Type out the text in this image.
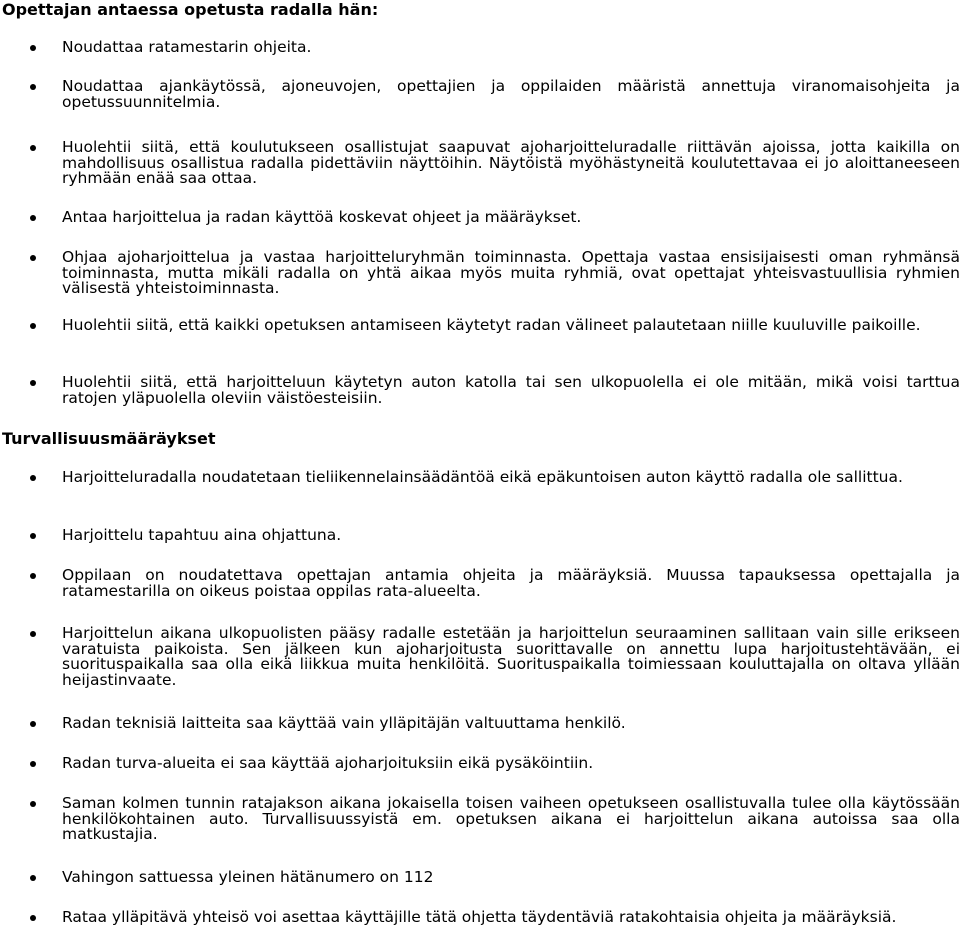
Opettajan antaessa opetusta radalla hän:

Noudattaa ratamestarin ohjeita.

Noudattaa ajankäytössä, ajoneuvojen, opettajien ja oppilaiden määristä annettuja viranomaisohjeita ja opetussuunnitelmia.

Huolehtii siitä, että koulutukseen osallistujat saapuvat ajoharjoitteluradalle riittävän ajoissa, jotta kaikilla on mahdollisuus osallistua radalla pidettäviin näyttöihin. Näytöistä myöhästyneitä koulutettavaa ei jo aloittaneeseen ryhmään enää saa ottaa.

Antaa harjoittelua ja radan käyttöä koskevat ohjeet ja määräykset.

Ohjaa ajoharjoittelua ja vastaa harjoitteluryhmän toiminnasta. Opettaja vastaa ensisijaisesti oman ryhmänsä toiminnasta, mutta mikäli radalla on yhtä aikaa myös muita ryhmiä, ovat opettajat yhteisvastuullisia ryhmien välisestä yhteistoiminnasta.

Huolehtii siitä, että kaikki opetuksen antamiseen käytetyt radan välineet palautetaan niille kuuluville paikoille.

Huolehtii siitä, että harjoitteluun käytetyn auton katolla tai sen ulkopuolella ei ole mitään, mikä voisi tarttua ratojen yläpuolella oleviin väistöesteisiin.

Turvallisuusmääräykset

Harjoitteluradalla noudatetaan tieliikennelainsäädäntöä eikä epäkuntoisen auton käyttö radalla ole sallittua.

Harjoittelu tapahtuu aina ohjattuna.

Oppilaan on noudatettava opettajan antamia ohjeita ja määräyksiä. Muussa tapauksessa opettajalla ja ratamestarilla on oikeus poistaa oppilas rata-alueelta.

Harjoittelun aikana ulkopuolisten pääsy radalle estetään ja harjoittelun seuraaminen sallitaan vain sille erikseen varatuista paikoista. Sen jälkeen kun ajoharjoitusta suorittavalle on annettu lupa harjoitustehtävään, ei suorituspaikalla saa olla eikä liikkua muita henkilöitä. Suorituspaikalla toimiessaan kouluttajalla on oltava yllään heijastinvaate.

Radan teknisiä laitteita saa käyttää vain ylläpitäjän valtuuttama henkilö.

Radan turva-alueita ei saa käyttää ajoharjoituksiin eikä pysäköintiin.

Saman kolmen tunnin ratajakson aikana jokaisella toisen vaiheen opetukseen osallistuvalla tulee olla käytössään henkilökohtainen auto. Turvallisuussyistä em. opetuksen aikana ei harjoittelun aikana autoissa saa olla matkustajia.

Vahingon sattuessa yleinen hätänumero on 112

Rataa ylläpitävä yhteisö voi asettaa käyttäjille tätä ohjetta täydentäviä ratakohtaisia ohjeita ja määräyksiä.
